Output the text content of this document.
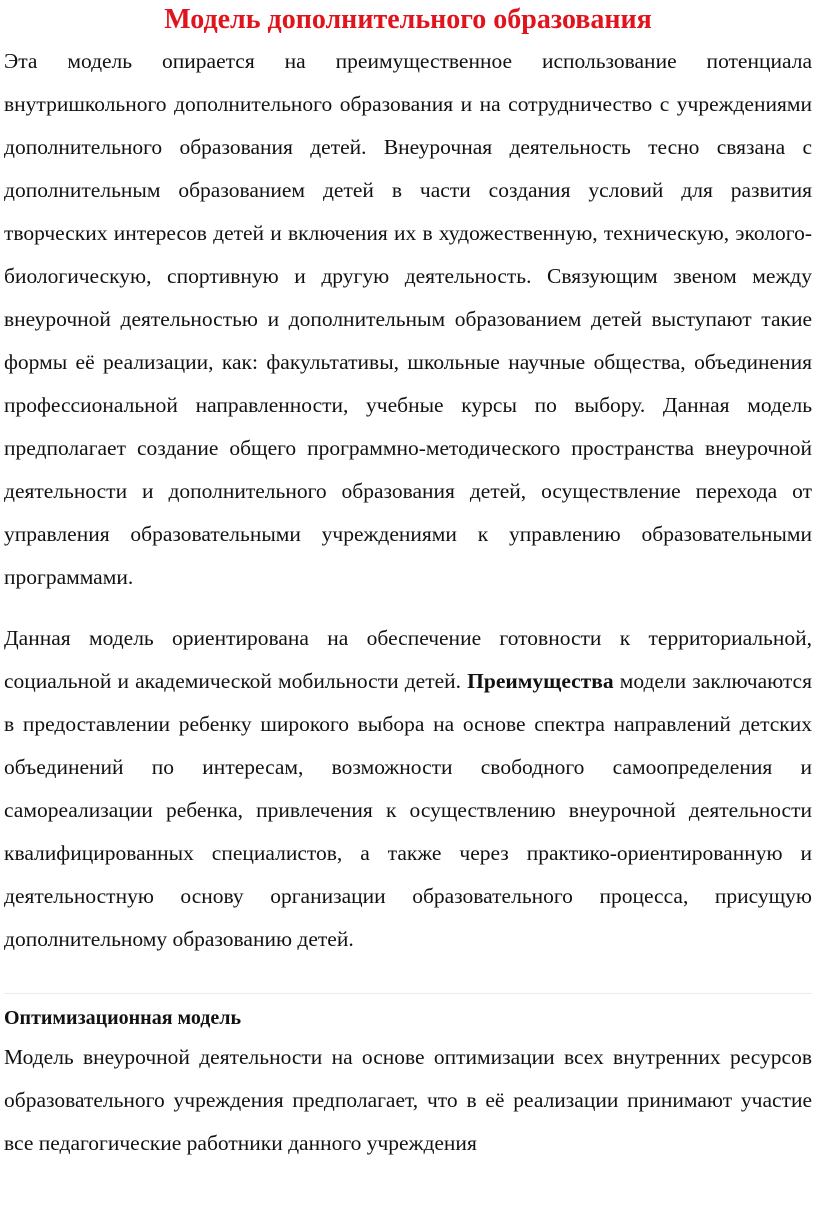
Модель дополнительного образования

Эта модель опирается на преимущественное использование потенциала внутришкольного дополнительного образования и на сотрудничество с учреждениями дополнительного образования детей. Внеурочная деятельность тесно связана с дополнительным образованием детей в части создания условий для развития творческих интересов детей и включения их в художественную, техническую, эколого-биологическую, спортивную и другую деятельность. Связующим звеном между внеурочной деятельностью и дополнительным образованием детей выступают такие формы её реализации, как: факультативы, школьные научные общества, объединения профессиональной направленности, учебные курсы по выбору. Данная модель предполагает создание общего программно-методического пространства внеурочной деятельности и дополнительного образования детей, осуществление перехода от управления образовательными учреждениями к управлению образовательными программами.

Данная модель ориентирована на обеспечение готовности к территориальной, социальной и академической мобильности детей. Преимущества модели заключаются в предоставлении ребенку широкого выбора на основе спектра направлений детских объединений по интересам, возможности свободного самоопределения и самореализации ребенка, привлечения к осуществлению внеурочной деятельности квалифицированных специалистов, а также через практико-ориентированную и деятельностную основу организации образовательного процесса, присущую дополнительному образованию детей.

Оптимизационная модель

Модель внеурочной деятельности на основе оптимизации всех внутренних ресурсов образовательного учреждения предполагает, что в её реализации принимают участие все педагогические работники данного учреждения
